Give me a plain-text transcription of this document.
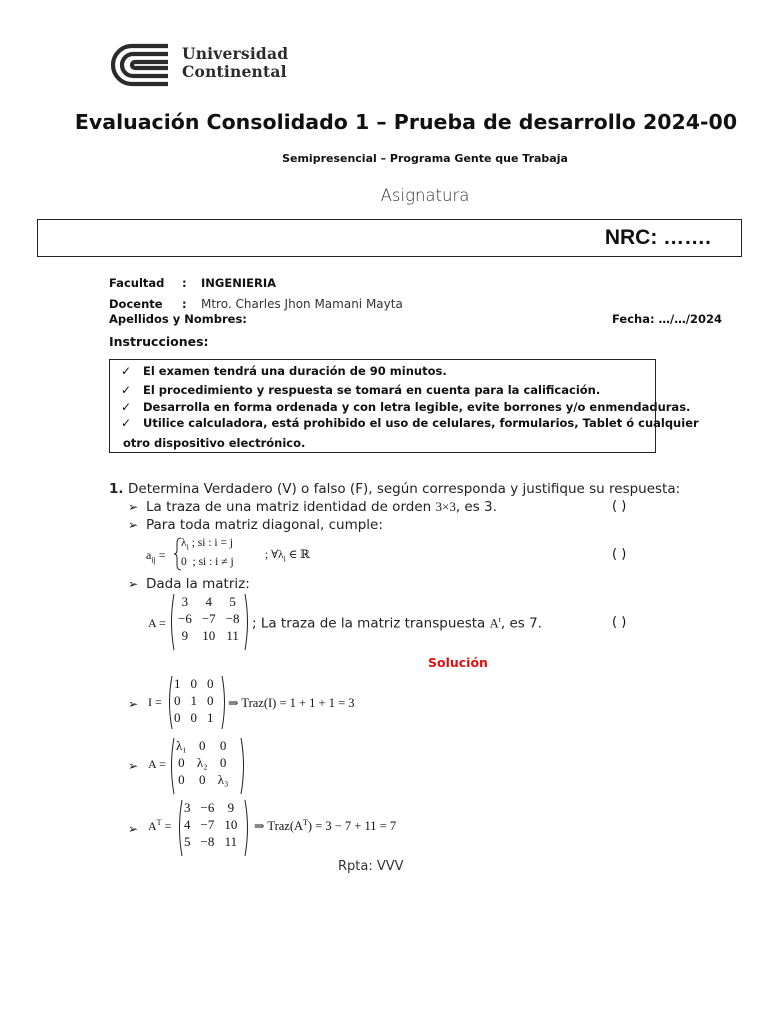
Universidad
Continental
Evaluación Consolidado 1 – Prueba de desarrollo 2024-00
Semipresencial – Programa Gente que Trabaja
Asignatura
NRC: …….
Facultad : INGENIERIA
Docente : Mtro. Charles Jhon Mamani Mayta
Apellidos y Nombres:	Fecha: …/…/2024
Instrucciones:
✓ El examen tendrá una duración de 90 minutos.
✓ El procedimiento y respuesta se tomará en cuenta para la calificación.
✓ Desarrolla en forma ordenada y con letra legible, evite borrones y/o enmendaduras.
✓ Utilice calculadora, está prohibido el uso de celulares, formularios, Tablet ó cualquier
otro dispositivo electrónico.
1. Determina Verdadero (V) o falso (F), según corresponda y justifique su respuesta:
➢ La traza de una matriz identidad de orden 3×3, es 3.	( )
➢ Para toda matriz diagonal, cumple:
$a_{ij}$ =
$\lambda_i$ ; si : i = j
0 ; si : i ≠ j
; $\forall\lambda_i$ ∈ ℝ	( )
➢ Dada la matriz:
A =
3	4	5
−6	−7	−8
9	10	11
; La traza de la matriz transpuesta $A^t$, es 7.	( )
Solución
➢ I =
1	0	0
0	1	0
0	0	1
⇒ Traz(I) = 1 + 1 + 1 = 3
➢ A =
λ₁	0	0
0	λ₂	0
0	0	λ₃
➢ $A^T$ =
3	−6	9
4	−7	10
5	−8	11
⇒ $Traz(A^T) = 3 - 7 + 11 = 7$
Rpta: VVV
